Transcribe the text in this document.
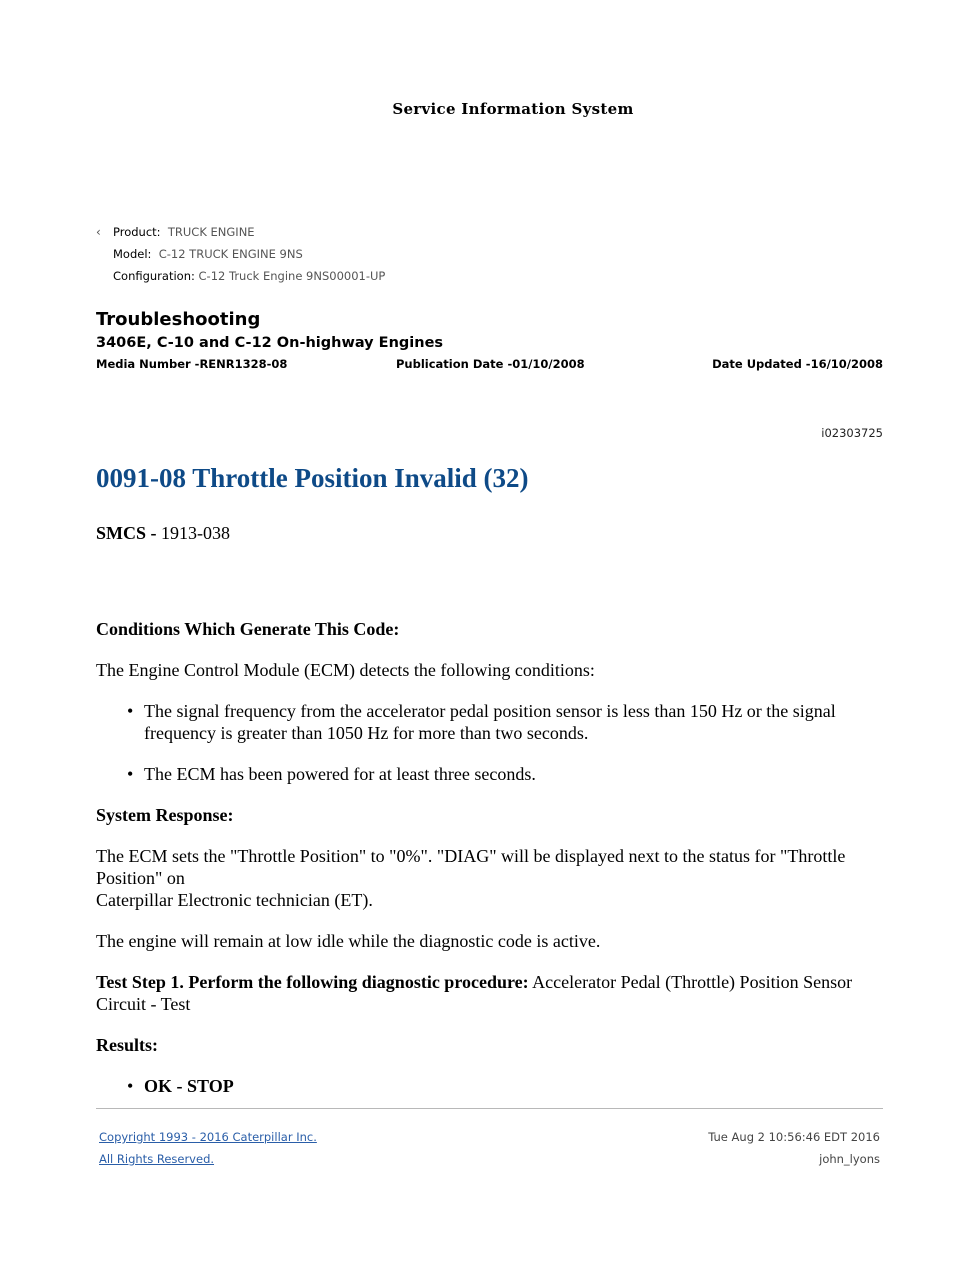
Service Information System
‹ Product: TRUCK ENGINE
Model: C-12 TRUCK ENGINE 9NS
Configuration: C-12 Truck Engine 9NS00001-UP

Troubleshooting

3406E, C-10 and C-12 On-highway Engines

Media Number -RENR1328-08	Publication Date -01/10/2008	Date Updated -16/10/2008
i02303725
0091-08 Throttle Position Invalid (32)

SMCS - 1913-038

Conditions Which Generate This Code:

The Engine Control Module (ECM) detects the following conditions:

• The signal frequency from the accelerator pedal position sensor is less than 150 Hz or the signal frequency is greater than 1050 Hz for more than two seconds.
• The ECM has been powered for at least three seconds.

System Response:

The ECM sets the "Throttle Position" to "0%". "DIAG" will be displayed next to the status for "Throttle Position" on

Caterpillar Electronic technician (ET).

The engine will remain at low idle while the diagnostic code is active.

Test Step 1. Perform the following diagnostic procedure: Accelerator Pedal (Throttle) Position Sensor Circuit - Test

Results:

• OK - STOP
Copyright 1993 - 2016 Caterpillar Inc.	Tue Aug 2 10:56:46 EDT 2016
All Rights Reserved.	john_lyons
